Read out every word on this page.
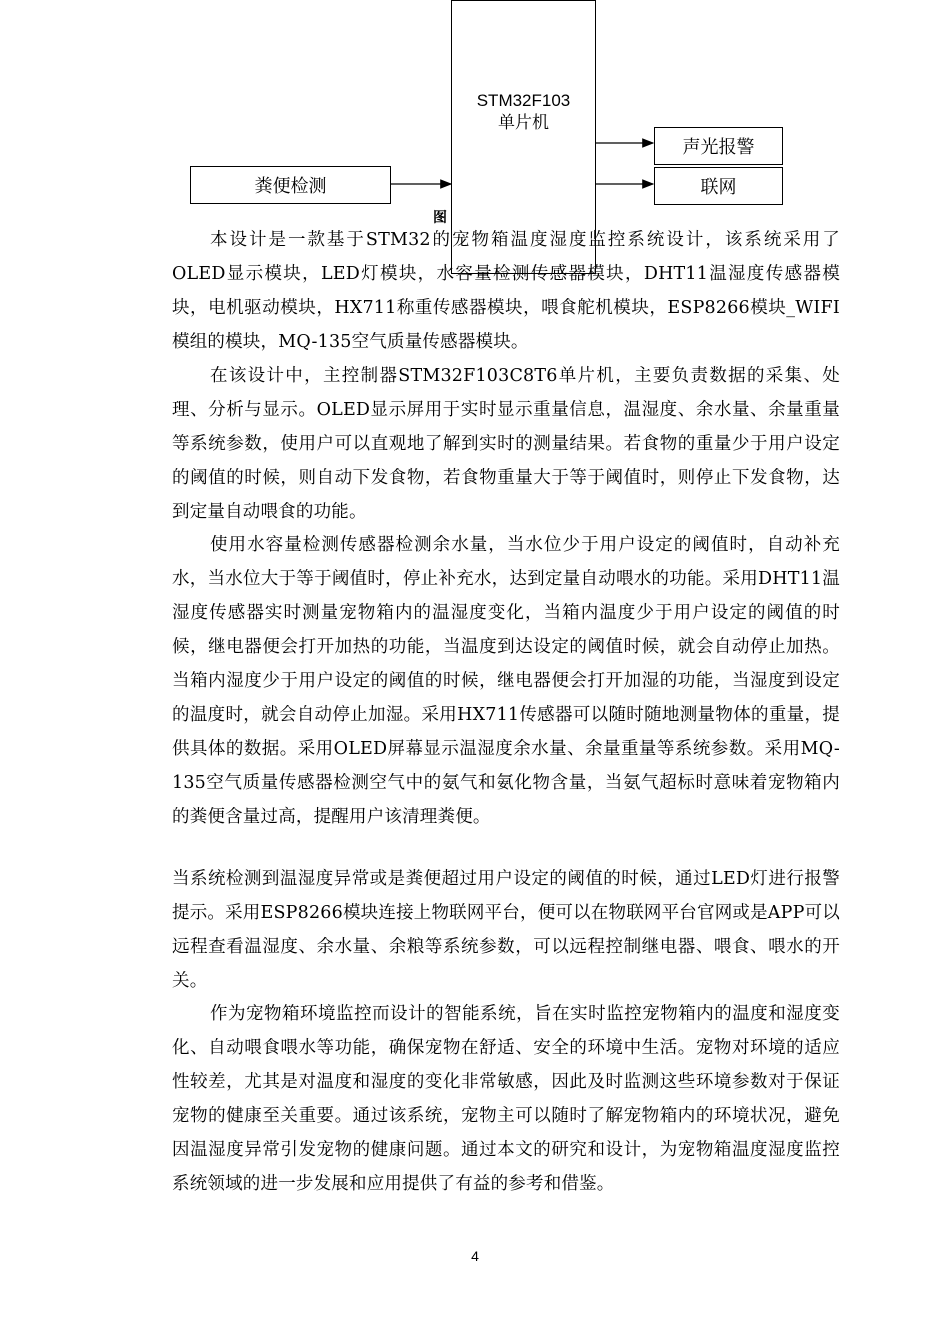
粪便检测
声光报警
联网
图
STM32F103
单片机

本设计是一款基于STM32的宠物箱温度湿度监控系统设计，该系统采用了OLED显示模块，LED灯模块，水容量检测传感器模块，DHT11温湿度传感器模块，电机驱动模块，HX711称重传感器模块，喂食舵机模块，ESP8266模块_WIFI模组的模块，MQ-135空气质量传感器模块。

在该设计中，主控制器STM32F103C8T6单片机，主要负责数据的采集、处理、分析与显示。OLED显示屏用于实时显示重量信息，温湿度、余水量、余量重量等系统参数，使用户可以直观地了解到实时的测量结果。若食物的重量少于用户设定的阈值的时候，则自动下发食物，若食物重量大于等于阈值时，则停止下发食物，达到定量自动喂食的功能。

使用水容量检测传感器检测余水量，当水位少于用户设定的阈值时，自动补充水，当水位大于等于阈值时，停止补充水，达到定量自动喂水的功能。采用DHT11温湿度传感器实时测量宠物箱内的温湿度变化，当箱内温度少于用户设定的阈值的时候，继电器便会打开加热的功能，当温度到达设定的阈值时候，就会自动停止加热。当箱内湿度少于用户设定的阈值的时候，继电器便会打开加湿的功能，当湿度到设定的温度时，就会自动停止加湿。采用HX711传感器可以随时随地测量物体的重量，提供具体的数据。采用OLED屏幕显示温湿度余水量、余量重量等系统参数。采用MQ-135空气质量传感器检测空气中的氨气和氨化物含量，当氨气超标时意味着宠物箱内的粪便含量过高，提醒用户该清理粪便。

当系统检测到温湿度异常或是粪便超过用户设定的阈值的时候，通过LED灯进行报警提示。采用ESP8266模块连接上物联网平台，便可以在物联网平台官网或是APP可以远程查看温湿度、余水量、余粮等系统参数，可以远程控制继电器、喂食、喂水的开关。

作为宠物箱环境监控而设计的智能系统，旨在实时监控宠物箱内的温度和湿度变化、自动喂食喂水等功能，确保宠物在舒适、安全的环境中生活。宠物对环境的适应性较差，尤其是对温度和湿度的变化非常敏感，因此及时监测这些环境参数对于保证宠物的健康至关重要。通过该系统，宠物主可以随时了解宠物箱内的环境状况，避免因温湿度异常引发宠物的健康问题。通过本文的研究和设计，为宠物箱温度湿度监控系统领域的进一步发展和应用提供了有益的参考和借鉴。

4
